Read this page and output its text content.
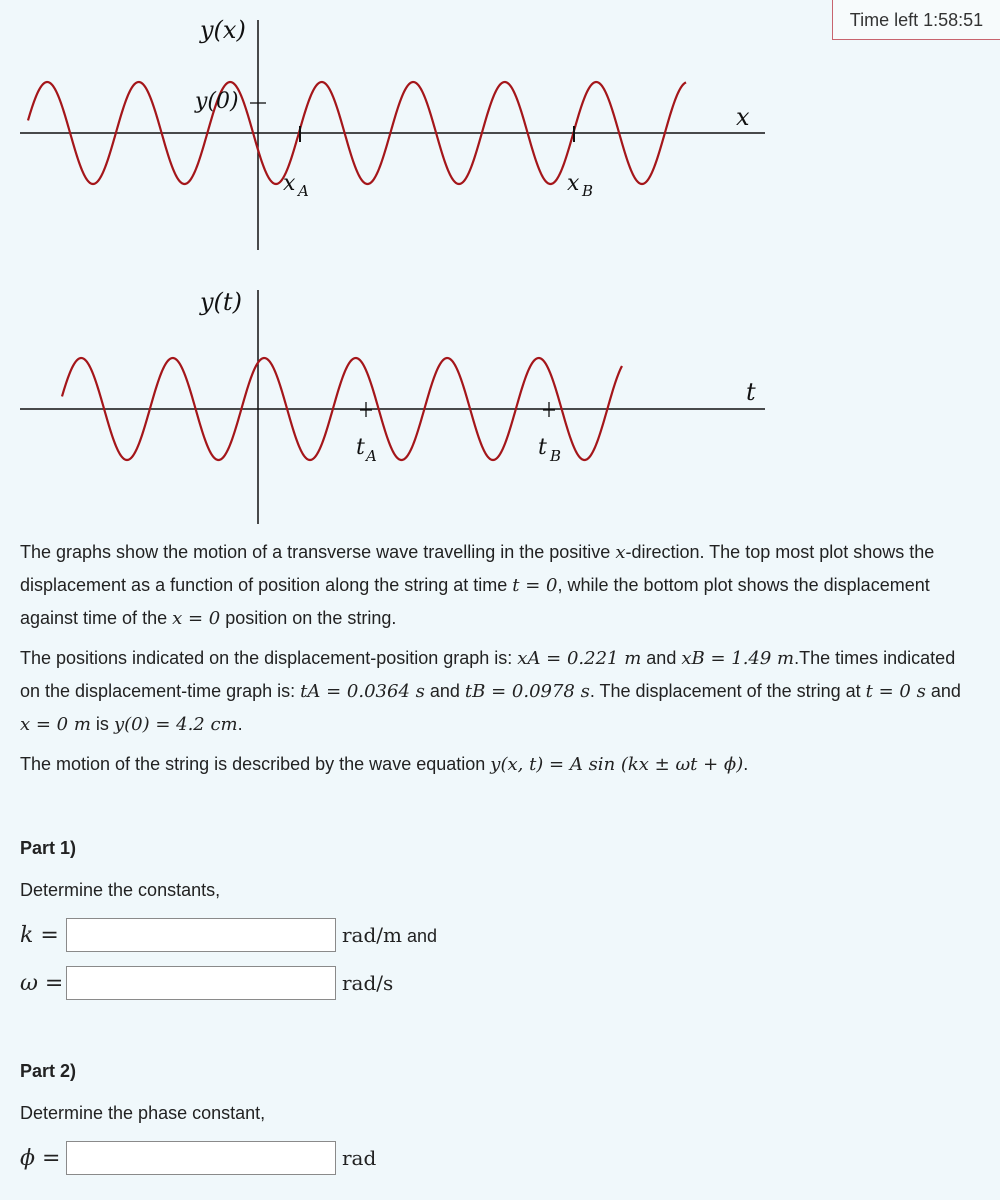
Time left 1:58:51
y(x)
y(0)
x
x A	x B
y(t)
t
t A	t B

The graphs show the motion of a transverse wave travelling in the positive x-direction. The top most plot shows the displacement as a function of position along the string at time t = 0, while the bottom plot shows the displacement against time of the x = 0 position on the string.

The positions indicated on the displacement-position graph is: xA = 0.221 m and xB = 1.49 m.The times indicated on the displacement-time graph is: tA = 0.0364 s and tB = 0.0978 s. The displacement of the string at t = 0 s and x = 0 m is y(0) = 4.2 cm.

The motion of the string is described by the wave equation y(x, t) = A sin (kx ± ωt + ϕ).

Part 1)
Determine the constants,
k =	rad/m and
ω =	rad/s
Part 2)
Determine the phase constant,
ϕ =	rad
